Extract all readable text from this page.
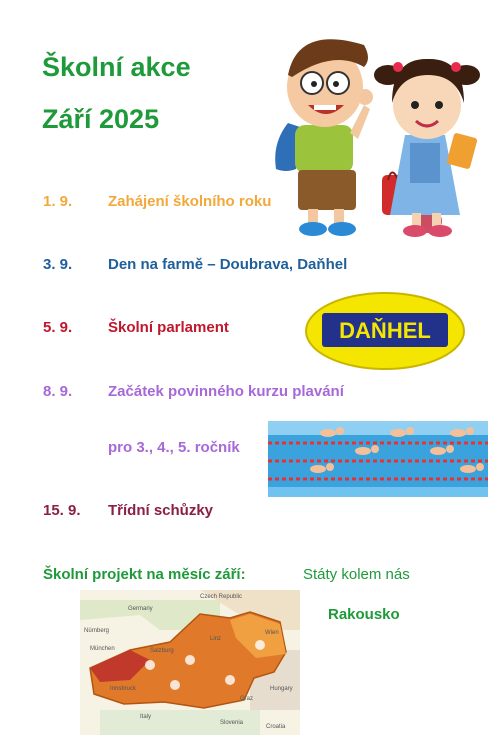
Školní akce
Září 2025
1. 9. Zahájení školního roku
3. 9. Den na farmě – Doubrava, Daňhel
5. 9. Školní parlament
8. 9. Začátek povinného kurzu plavání
pro 3., 4., 5. ročník
15. 9. Třídní schůzky
DAŇHEL
Školní projekt na měsíc září:	Státy kolem nás
Rakousko
Germany
Nürnberg
Czech Republic
München	Salzburg
Linz
Wien
Hungary
Graz
Innsbruck
Italy
Slovenia
Croatia
